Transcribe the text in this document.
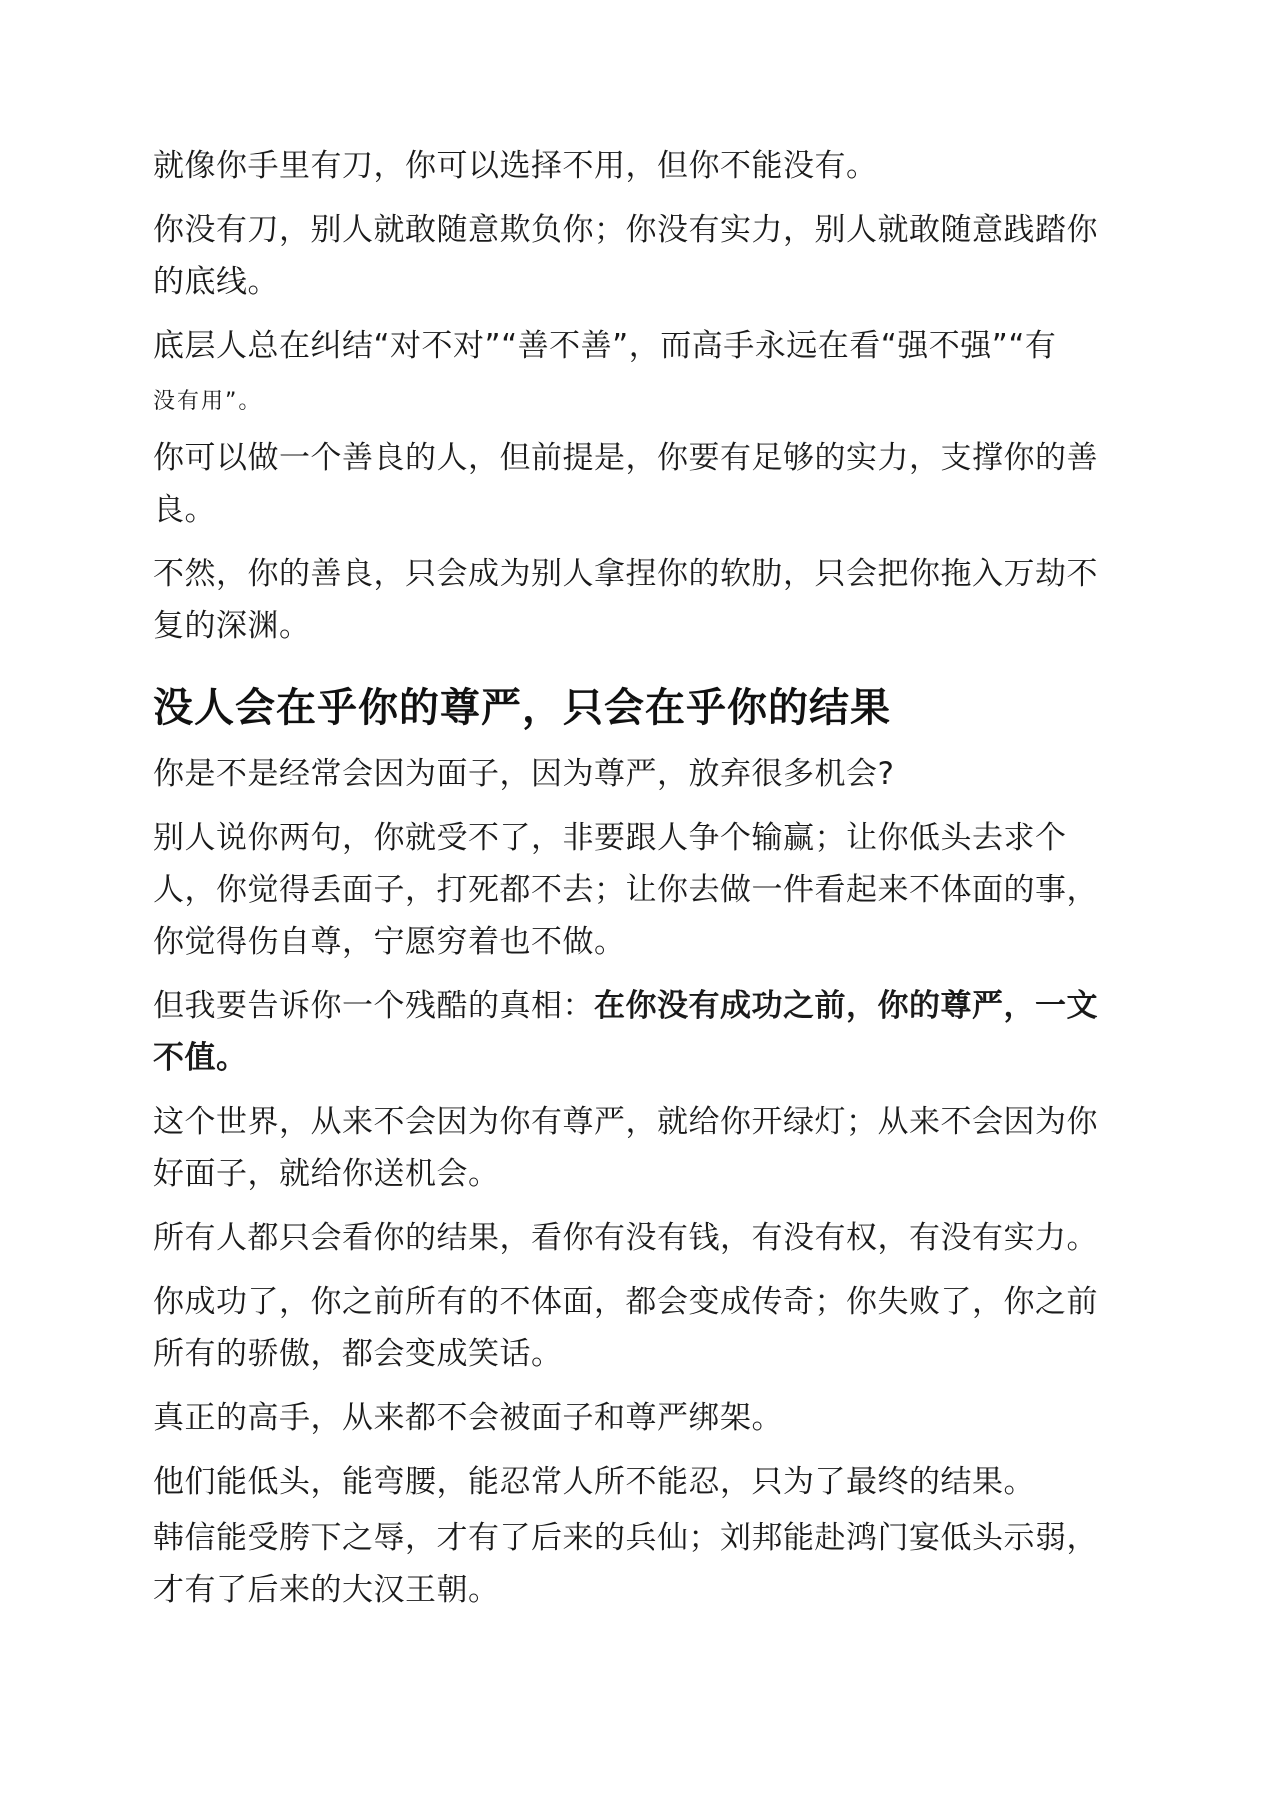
就像你手里有刀，你可以选择不用，但你不能没有。

你没有刀，别人就敢随意欺负你；你没有实力，别人就敢随意践踏你的底线。

底层人总在纠结“对不对”“善不善”，而高手永远在看“强不强”“有
没有用”。

你可以做一个善良的人，但前提是，你要有足够的实力，支撑你的善良。

不然，你的善良，只会成为别人拿捏你的软肋，只会把你拖入万劫不复的深渊。

没人会在乎你的尊严，只会在乎你的结果

你是不是经常会因为面子，因为尊严，放弃很多机会?

别人说你两句，你就受不了，非要跟人争个输赢；让你低头去求个人，你觉得丢面子，打死都不去；让你去做一件看起来不体面的事，你觉得伤自尊，宁愿穷着也不做。

但我要告诉你一个残酷的真相：在你没有成功之前，你的尊严，一文不值。

这个世界，从来不会因为你有尊严，就给你开绿灯；从来不会因为你好面子，就给你送机会。

所有人都只会看你的结果，看你有没有钱，有没有权，有没有实力。

你成功了，你之前所有的不体面，都会变成传奇；你失败了，你之前所有的骄傲，都会变成笑话。

真正的高手，从来都不会被面子和尊严绑架。

他们能低头，能弯腰，能忍常人所不能忍，只为了最终的结果。

韩信能受胯下之辱，才有了后来的兵仙；刘邦能赴鸿门宴低头示弱，才有了后来的大汉王朝。
